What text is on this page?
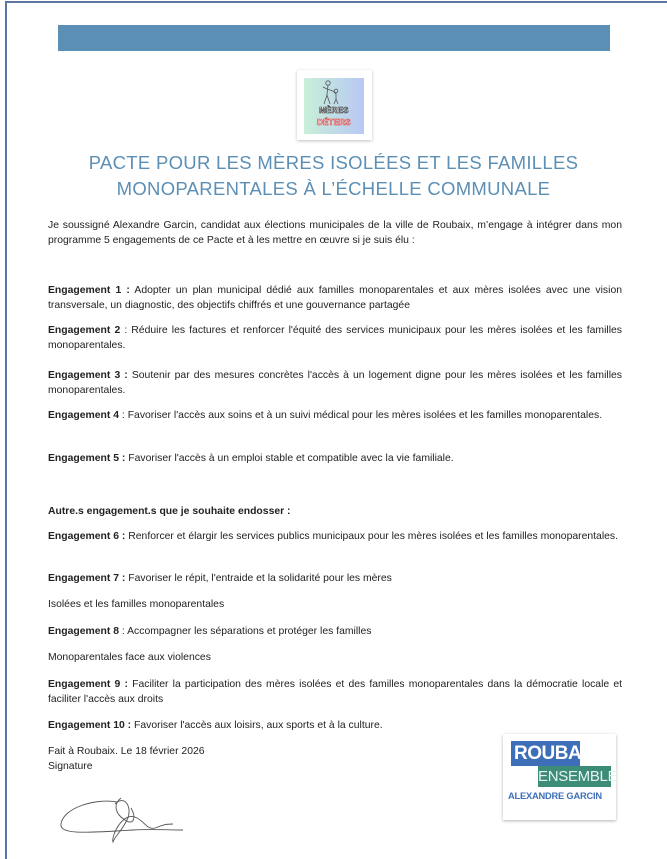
MÈRES
DÉTERS
PACTE POUR LES MÈRES ISOLÉES ET LES FAMILLES
MONOPARENTALES À L’ÉCHELLE COMMUNALE
Je soussigné Alexandre Garcin, candidat aux élections municipales de la ville de Roubaix, m’engage à intégrer dans mon programme 5 engagements de ce Pacte et à les mettre en œuvre si je suis élu :
Engagement 1 : Adopter un plan municipal dédié aux familles monoparentales et aux mères isolées avec une vision transversale, un diagnostic, des objectifs chiffrés et une gouvernance partagée
Engagement 2 : Réduire les factures et renforcer l'équité des services municipaux pour les mères isolées et les familles monoparentales.
Engagement 3 : Soutenir par des mesures concrètes l'accès à un logement digne pour les mères isolées et les familles monoparentales.
Engagement 4 : Favoriser l'accès aux soins et à un suivi médical pour les mères isolées et les familles monoparentales.
Engagement 5 : Favoriser l'accès à un emploi stable et compatible avec la vie familiale.
Autre.s engagement.s que je souhaite endosser :
Engagement 6 : Renforcer et élargir les services publics municipaux pour les mères isolées et les familles monoparentales.
Engagement 7 : Favoriser le répit, l'entraide et la solidarité pour les mères
Isolées et les familles monoparentales
Engagement 8 : Accompagner les séparations et protéger les familles
Monoparentales face aux violences
Engagement 9 : Faciliter la participation des mères isolées et des familles monoparentales dans la démocratie locale et faciliter l'accès aux droits
Engagement 10 : Favoriser l'accès aux loisirs, aux sports et à la culture.
Fait à Roubaix. Le 18 février 2026
Signature
ROUBAIX
ENSEMBLE
ALEXANDRE GARCIN
